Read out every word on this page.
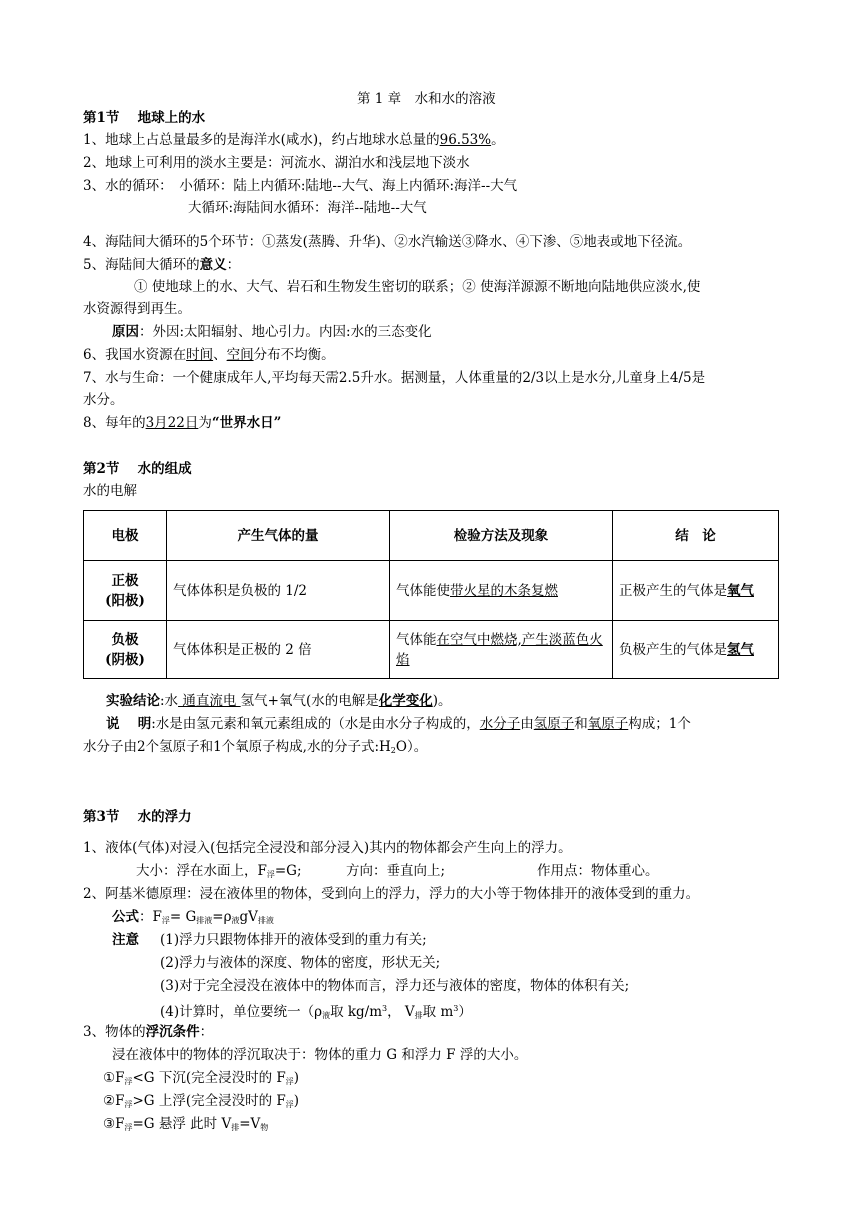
第 1 章　水和水的溶液
第1节　 地球上的水
1、地球上占总量最多的是海洋水(咸水)，约占地球水总量的96.53%。
2、地球上可利用的淡水主要是：河流水、湖泊水和浅层地下淡水
3、水的循环：　小循环：陆上内循环:陆地--大气、海上内循环:海洋--大气
大循环:海陆间水循环：海洋--陆地--大气
4、海陆间大循环的5个环节：①蒸发(蒸腾、升华)、②水汽输送③降水、④下渗、⑤地表或地下径流。
5、海陆间大循环的意义：
① 使地球上的水、大气、岩石和生物发生密切的联系；② 使海洋源源不断地向陆地供应淡水,使
水资源得到再生。
原因：外因:太阳辐射、地心引力。内因:水的三态变化
6、我国水资源在时间、空间分布不均衡。
7、水与生命：一个健康成年人,平均每天需2.5升水。据测量，人体重量的2/3以上是水分,儿童身上4/5是
水分。
8、每年的3月22日为“世界水日”
第2节　 水的组成
水的电解
电极	产生气体的量	检验方法及现象	结　论

正极
(阳极)	气体体积是负极的 1/2	气体能使带火星的木条复燃	正极产生的气体是氧气

负极
(阴极)	气体体积是正极的 2 倍	气体能在空气中燃烧,产生淡蓝色火焰	负极产生的气体是氢气
实验结论:水 通直流电 氢气+氧气(水的电解是化学变化)。
说　 明:水是由氢元素和氧元素组成的（水是由水分子构成的，水分子由氢原子和氧原子构成；1个
水分子由2个氢原子和1个氧原子构成,水的分子式$:H_2O$）。
第3节　 水的浮力
1、液体(气体)对浸入(包括完全浸没和部分浸入)其内的物体都会产生向上的浮力。
大小：浮在水面上，$F_浮=G$;	方向：垂直向上;	作用点：物体重心。
2、阿基米德原理：浸在液体里的物体，受到向上的浮力，浮力的大小等于物体排开的液体受到的重力。
公式：$F_浮= G_{排液}=\rho_液gV_{排液}$
注意 (1)浮力只跟物体排开的液体受到的重力有关;
(2)浮力与液体的深度、物体的密度，形状无关;
(3)对于完全浸没在液体中的物体而言，浮力还与液体的密度，物体的体积有关;
(4)计算时，单位要统一（$\rho_液$取 $kg/m^3$， $V_排$取 $m^3$）
3、物体的浮沉条件：
浸在液体中的物体的浮沉取决于：物体的重力 G 和浮力 F 浮的大小。
$①F_浮<G$ 下沉(完全浸没时的 $F_浮$)
$②F_浮>G$ 上浮(完全浸没时的 $F_浮$)
$③F_浮=G$ 悬浮 此时 $V_排=V_物$
